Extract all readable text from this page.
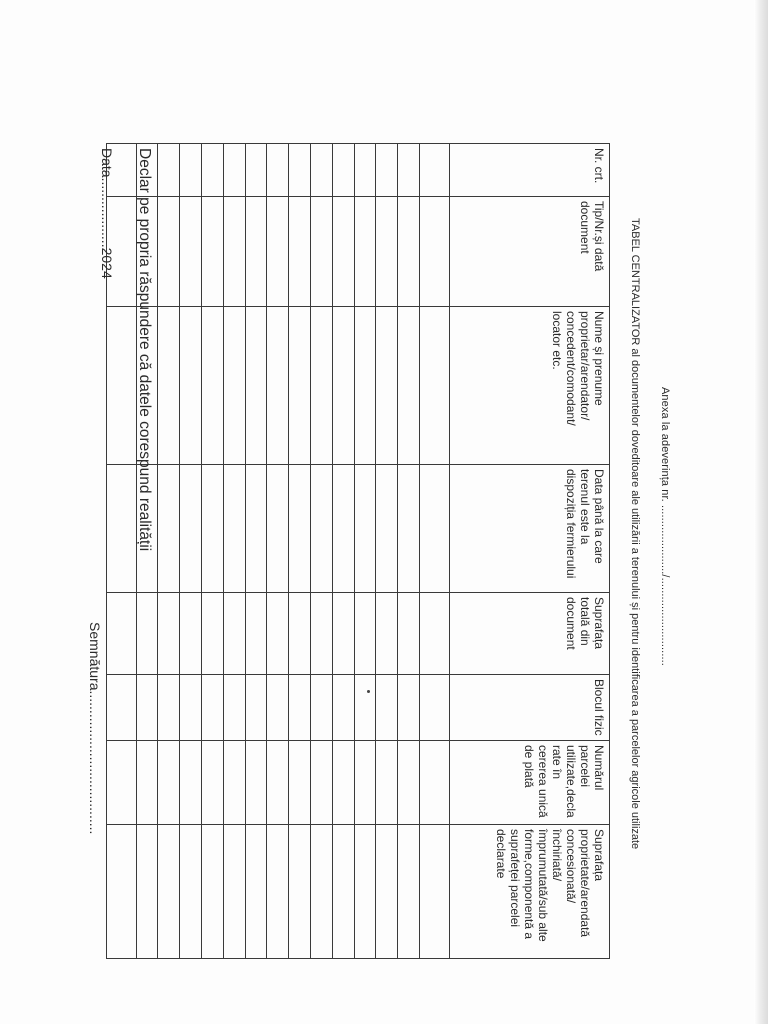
Anexa la adeverința nr. ....................../............................
TABEL CENTRALIZATOR al documentelor doveditoare ale utilizării a terenului și pentru identificarea a parcelelor agricole utilizate
Nr. crt.	Tip/Nr.și dată document	Nume și prenume proprietar/arendator/ concedent/comodant/ locator etc.	Data până la care terenul este la dispoziția fermierului	Suprafața totală din document	Blocul fizic	Numărul parcelei utilizate,declarate în cererea unică de plată	Suprafața proprietate/arendată concesionată/închiriată/împrumutată/sub alte forme,componentă a suprafeței parcelei declarate

Declar pe propria răspundere că datele corespund realității
Data..................2024
Semnătura.....................................
